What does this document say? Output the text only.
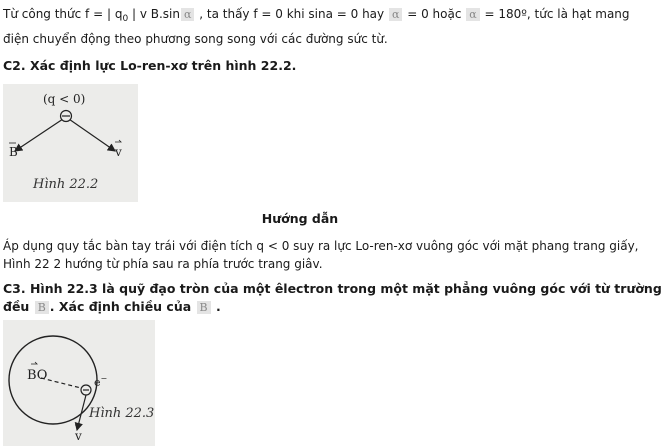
Từ công thức f = | $q_0$ | v B.sin α , ta thấy f = 0 khi sina = 0 hay α = 0 hoặc α = 180º, tức là hạt mang
điện chuyển động theo phương song song với các đường sức từ.
C2. Xác định lực Lo-ren-xơ trên hình 22.2.
(q < 0)
B	v
Hình 22.2
Hướng dẫn
Áp dụng quy tắc bàn tay trái với điện tích q < 0 suy ra lực Lo-ren-xơ vuông góc với mặt phang trang giấy,
Hình 22 2 hướng từ phía sau ra phía trước trang giâv.
C3. Hình 22.3 là quỹ đạo tròn của một êlectron trong một mặt phẳng vuông góc với từ trường
đều B . Xác định chiều của B .
BO	e−
v
Hình 22.3
